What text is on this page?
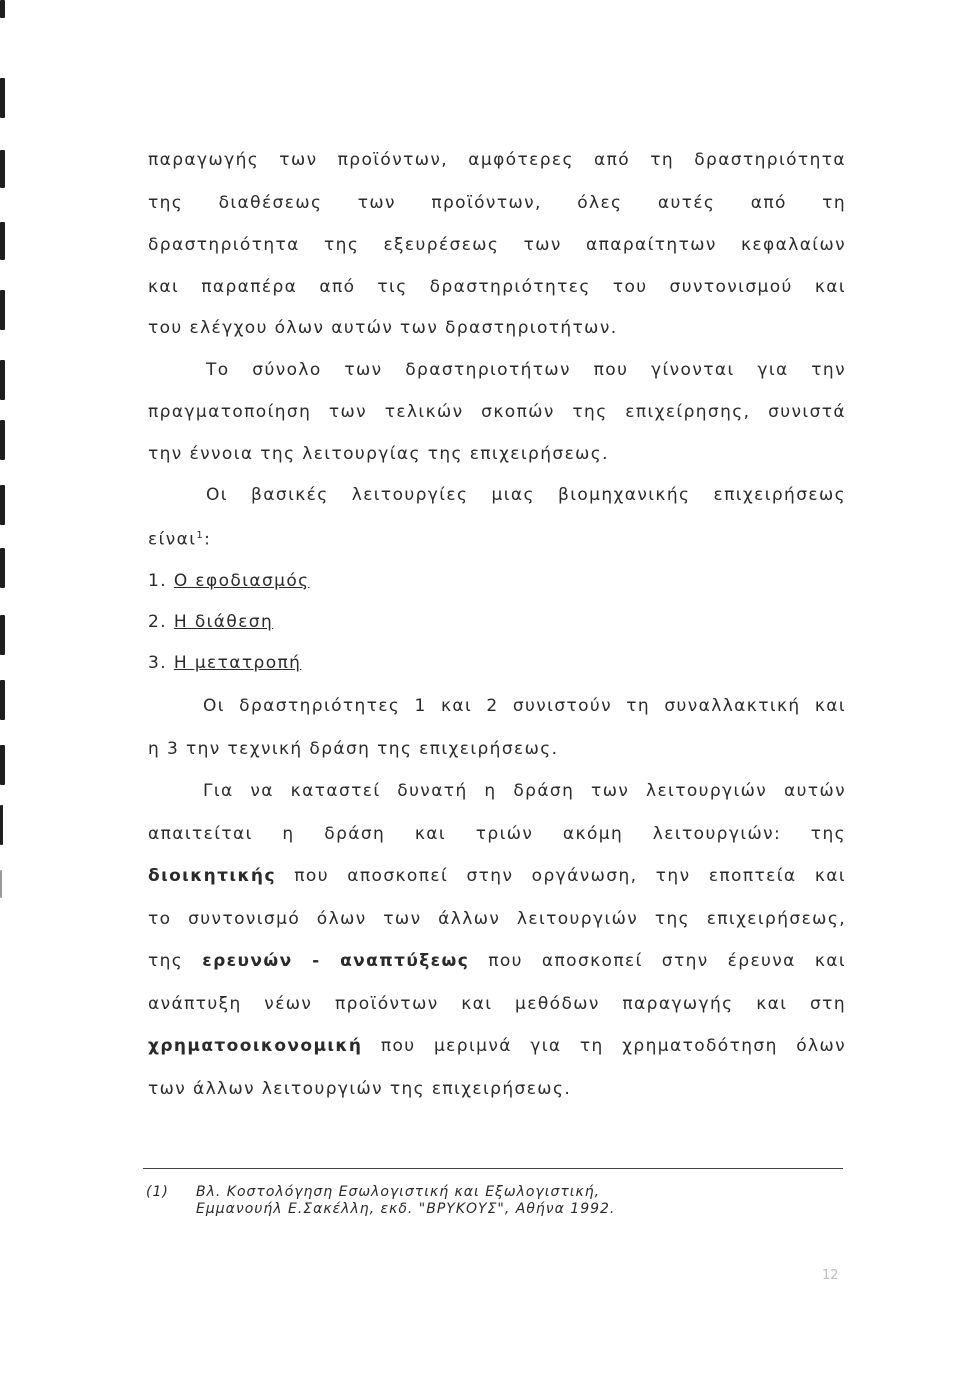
παραγωγής των προϊόντων, αμφότερες από τη δραστηριότητα
της διαθέσεως των προϊόντων, όλες αυτές από τη
δραστηριότητα της εξευρέσεως των απαραίτητων κεφαλαίων
και παραπέρα από τις δραστηριότητες του συντονισμού και
του ελέγχου όλων αυτών των δραστηριοτήτων.
Το σύνολο των δραστηριοτήτων που γίνονται για την
πραγματοποίηση των τελικών σκοπών της επιχείρησης, συνιστά
την έννοια της λειτουργίας της επιχειρήσεως.
Οι βασικές λειτουργίες μιας βιομηχανικής επιχειρήσεως
είναι$^1$:
1. Ο εφοδιασμός
2. Η διάθεση
3. Η μετατροπή
Οι δραστηριότητες 1 και 2 συνιστούν τη συναλλακτική και
η 3 την τεχνική δράση της επιχειρήσεως.
Για να καταστεί δυνατή η δράση των λειτουργιών αυτών
απαιτείται η δράση και τριών ακόμη λειτουργιών: της
διοικητικής που αποσκοπεί στην οργάνωση, την εποπτεία και
το συντονισμό όλων των άλλων λειτουργιών της επιχειρήσεως,
της ερευνών - αναπτύξεως που αποσκοπεί στην έρευνα και
ανάπτυξη νέων προϊόντων και μεθόδων παραγωγής και στη
χρηματοοικονομική που μεριμνά για τη χρηματοδότηση όλων
των άλλων λειτουργιών της επιχειρήσεως.
(1) Βλ. Κοστολόγηση Εσωλογιστική και Εξωλογιστική,
Εμμανουήλ Ε.Σακέλλη, εκδ. "ΒΡΥΚΟΥΣ", Αθήνα 1992.
12
